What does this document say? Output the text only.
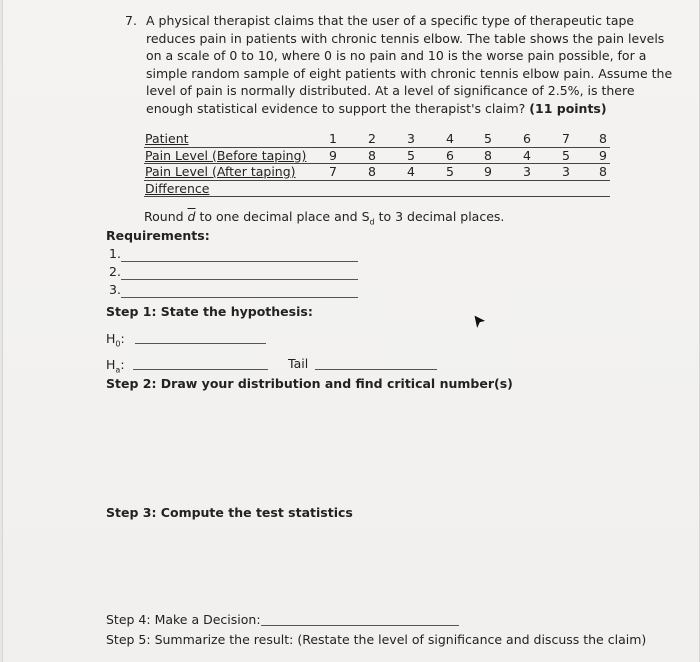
7. A physical therapist claims that the user of a specific type of therapeutic tape
reduces pain in patients with chronic tennis elbow. The table shows the pain levels
on a scale of 0 to 10, where 0 is no pain and 10 is the worse pain possible, for a
simple random sample of eight patients with chronic tennis elbow pain. Assume the
level of pain is normally distributed. At a level of significance of 2.5%, is there
enough statistical evidence to support the therapist's claim? (11 points)
Patient	1	2	3	4	5	6	7	8
Pain Level (Before taping)	9	8	5	6	8	4	5	9
Pain Level (After taping)	7	8	4	5	9	3	3	8
Difference
Round $\overline{d}$ to one decimal place and $S_d$ to 3 decimal places.
Requirements:
1.
2.
3.
Step 1: State the hypothesis:
$H_0$:
$H_a$:	Tail
Step 2: Draw your distribution and find critical number(s)
Step 3: Compute the test statistics
Step 4: Make a Decision:
Step 5: Summarize the result: (Restate the level of significance and discuss the claim)
